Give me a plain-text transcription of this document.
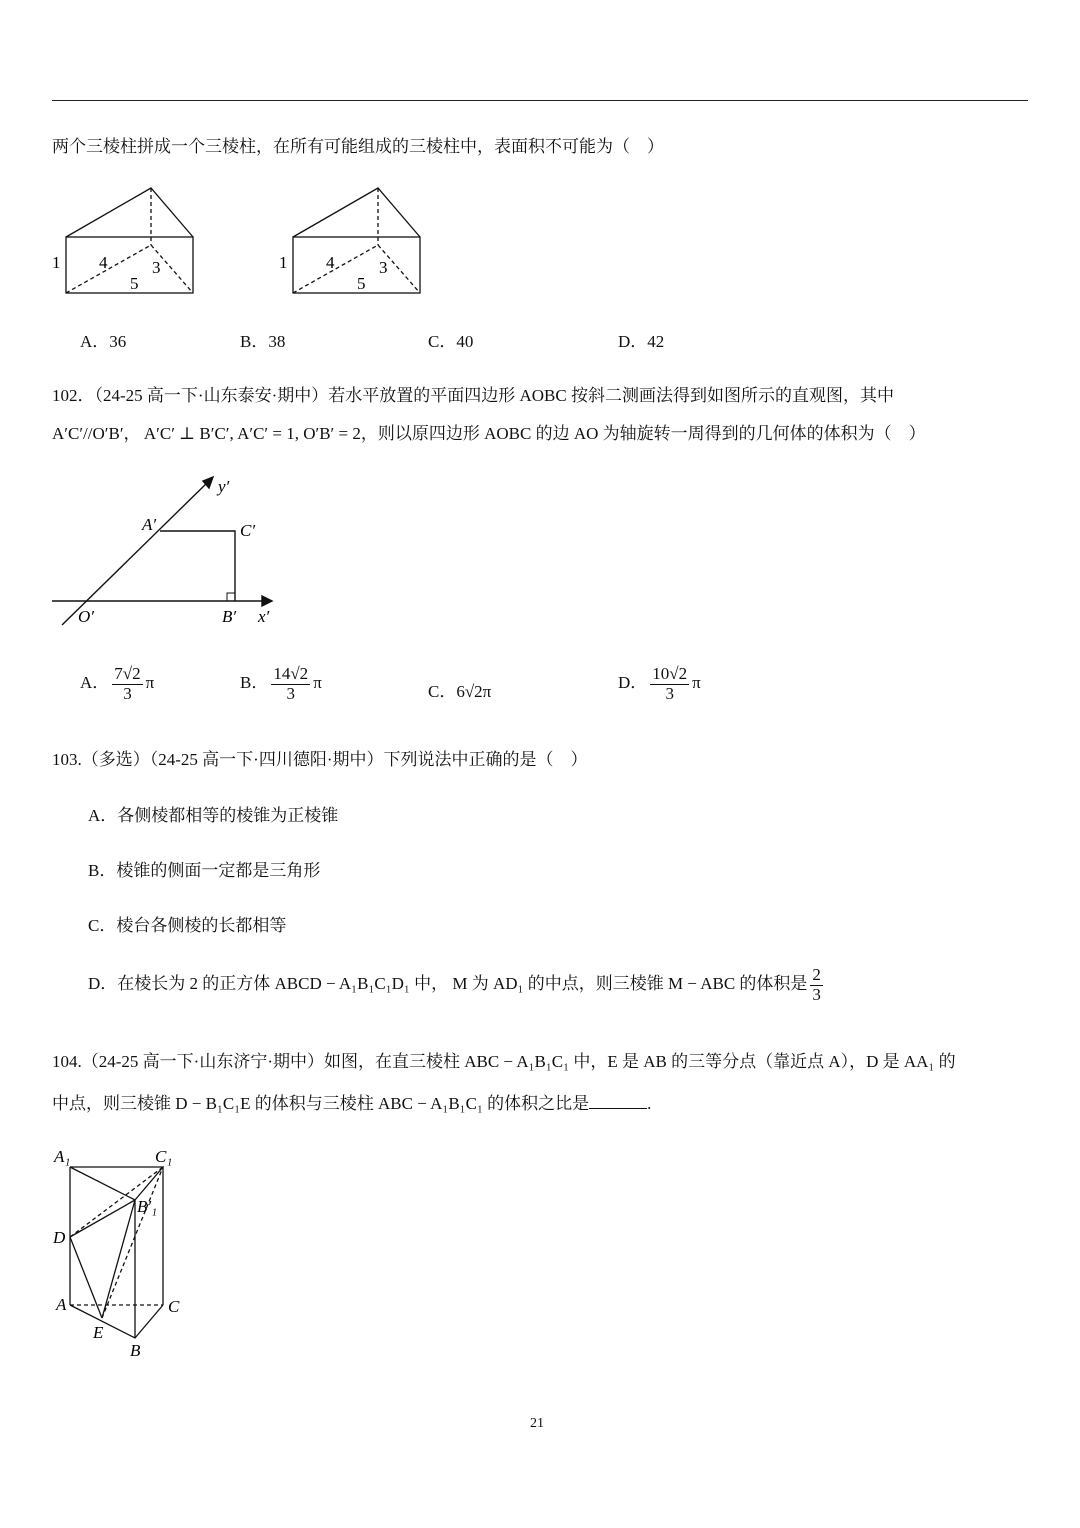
两个三棱柱拼成一个三棱柱，在所有可能组成的三棱柱中，表面积不可能为（　）
1 4	3
5
1 4	3
5
A．36	B．38	C．40	D．42
102．（24-25 高一下·山东泰安·期中）若水平放置的平面四边形 AOBC 按斜二测画法得到如图所示的直观图，其中
A′C′//O′B′， A′C′ ⊥ B′C′, A′C′ = 1, O′B′ = 2，则以原四边形 AOBC 的边 AO 为轴旋转一周得到的几何体的体积为（　）
y′
A′	C′
O′	B′ x′
A． $\frac{7√2}{3}$ π	B． $\frac{14√2}{3}$ π	C．6√2π	D． $\frac{10√2}{3}$ π
103.（多选）（24-25 高一下·四川德阳·期中）下列说法中正确的是（　）
A．各侧棱都相等的棱锥为正棱锥
B．棱锥的侧面一定都是三角形
C．棱台各侧棱的长都相等
D．在棱长为 2 的正方体 ABCD − A₁B₁C₁D₁ 中， M 为 AD₁ 的中点，则三棱锥 M − ABC 的体积是 $\frac{2}{3}$
104.（24-25 高一下·山东济宁·期中）如图，在直三棱柱 ABC − A₁B₁C₁ 中，E 是 AB 的三等分点（靠近点 A），D 是 AA₁ 的
中点，则三棱锥 D − B₁C₁E 的体积与三棱柱 ABC − A₁B₁C₁ 的体积之比是	.
A₁	C₁
B′₁
D
A	C
E
B
21
